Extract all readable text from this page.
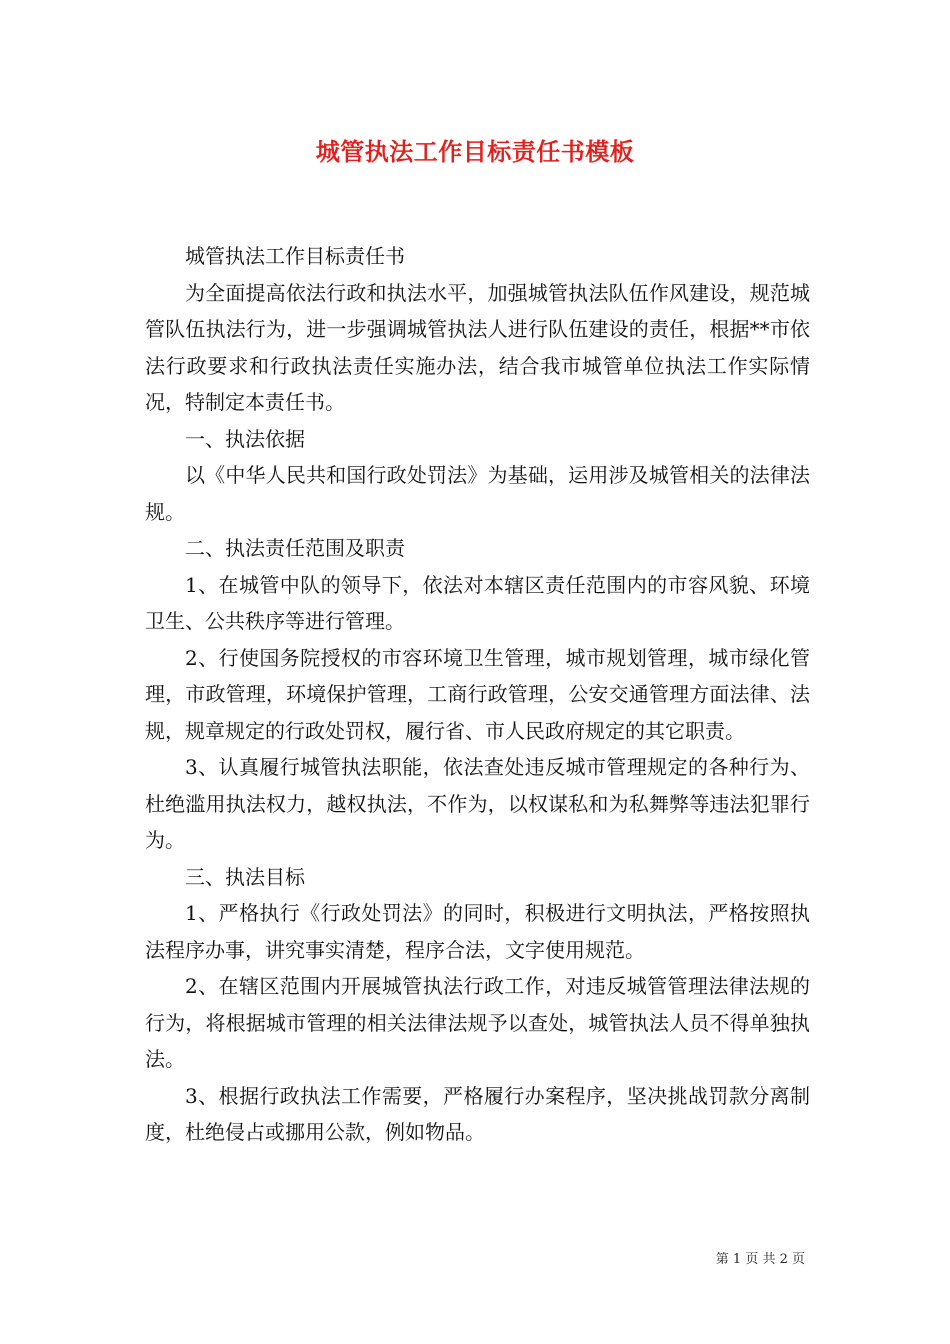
城管执法工作目标责任书模板

城管执法工作目标责任书

为全面提高依法行政和执法水平，加强城管执法队伍作风建设，规范城管队伍执法行为，进一步强调城管执法人进行队伍建设的责任，根据**市依法行政要求和行政执法责任实施办法，结合我市城管单位执法工作实际情况，特制定本责任书。

一、执法依据

以《中华人民共和国行政处罚法》为基础，运用涉及城管相关的法律法规。

二、执法责任范围及职责

1、在城管中队的领导下，依法对本辖区责任范围内的市容风貌、环境卫生、公共秩序等进行管理。

2、行使国务院授权的市容环境卫生管理，城市规划管理，城市绿化管理，市政管理，环境保护管理，工商行政管理，公安交通管理方面法律、法规，规章规定的行政处罚权，履行省、市人民政府规定的其它职责。

3、认真履行城管执法职能，依法查处违反城市管理规定的各种行为、杜绝滥用执法权力，越权执法，不作为，以权谋私和为私舞弊等违法犯罪行为。

三、执法目标

1、严格执行《行政处罚法》的同时，积极进行文明执法，严格按照执法程序办事，讲究事实清楚，程序合法，文字使用规范。

2、在辖区范围内开展城管执法行政工作，对违反城管管理法律法规的行为，将根据城市管理的相关法律法规予以查处，城管执法人员不得单独执法。

3、根据行政执法工作需要，严格履行办案程序，坚决挑战罚款分离制度，杜绝侵占或挪用公款，例如物品。

第 1 页 共 2 页
